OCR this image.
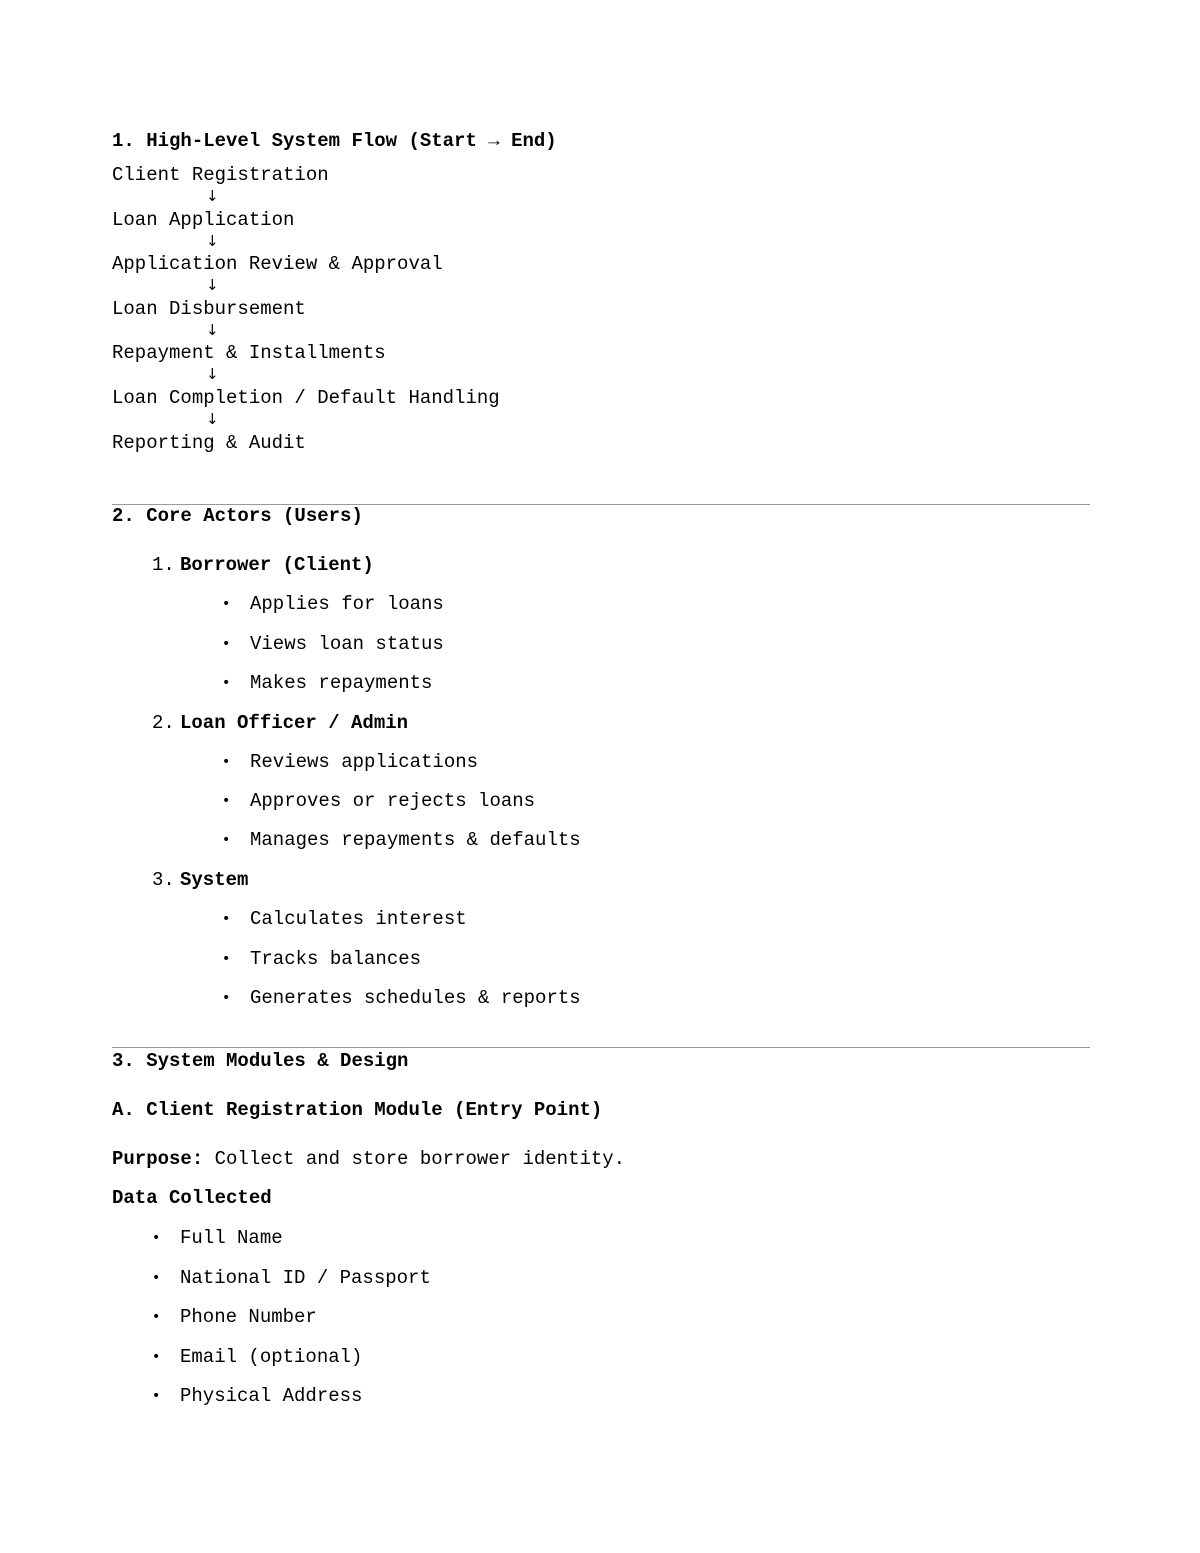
1. High-Level System Flow (Start → End)
Client Registration
↓
Loan Application
↓
Application Review & Approval
↓
Loan Disbursement
↓
Repayment & Installments
↓
Loan Completion / Default Handling
↓
Reporting & Audit
2. Core Actors (Users)
1. Borrower (Client)
• Applies for loans
• Views loan status
• Makes repayments
2. Loan Officer / Admin
• Reviews applications
• Approves or rejects loans
• Manages repayments & defaults
3. System
• Calculates interest
• Tracks balances
• Generates schedules & reports
3. System Modules & Design
A. Client Registration Module (Entry Point)
Purpose: Collect and store borrower identity.
Data Collected
• Full Name
• National ID / Passport
• Phone Number
• Email (optional)
• Physical Address
